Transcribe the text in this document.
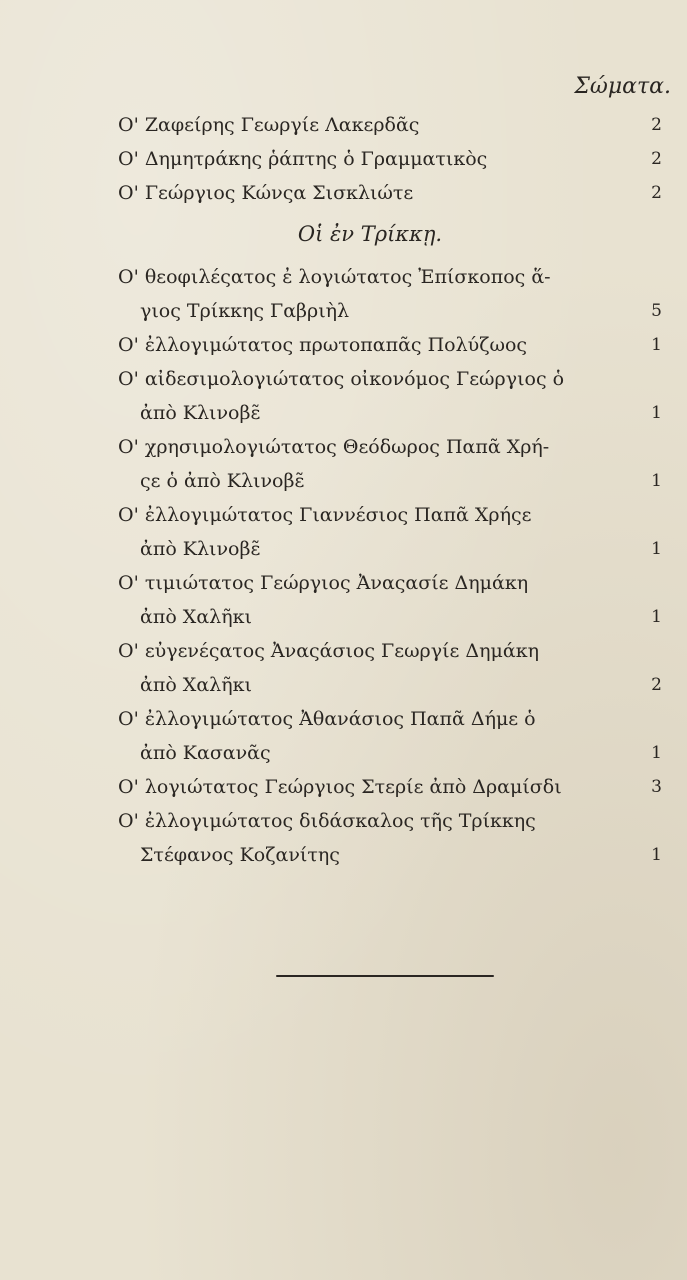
Σώματα.
Ο' Ζαφείρης Γεωργίε Λακερδᾶς	2
Ο' Δημητράκης ῥάπτης ὁ Γραμματικὸς	2
Ο' Γεώργιος Κώνςα Σισκλιώτε	2
Οἱ ἐν Τρίκκῃ.
Ο' θεοφιλέςατος ἐ λογιώτατος Ἐπίσκοπος ἅ-
γιος Τρίκκης Γαβριὴλ	5
Ο' ἐλλογιμώτατος πρωτοπαπᾶς Πολύζωος	1
Ο' αἰδεσιμολογιώτατος οἰκονόμος Γεώργιος ὁ
ἀπὸ Κλινοβε̃	1
Ο' χρησιμολογιώτατος Θεόδωρος Παπᾶ Χρή-
ςε ὁ ἀπὸ Κλινοβε̃	1
Ο' ἐλλογιμώτατος Γιαννέσιος Παπᾶ Χρήςε
ἀπὸ Κλινοβε̃	1
Ο' τιμιώτατος Γεώργιος Ἀναςασίε Δημάκη
ἀπὸ Χαλῆκι	1
Ο' εὐγενέςατος Ἀναςάσιος Γεωργίε Δημάκη
ἀπὸ Χαλῆκι	2
Ο' ἐλλογιμώτατος Ἀθανάσιος Παπᾶ Δήμε ὁ
ἀπὸ Κασανᾶς	1
Ο' λογιώτατος Γεώργιος Στερίε ἀπὸ Δραμίσδι	3
Ο' ἐλλογιμώτατος διδάσκαλος τῆς Τρίκκης
Στέφανος Κοζανίτης	1
